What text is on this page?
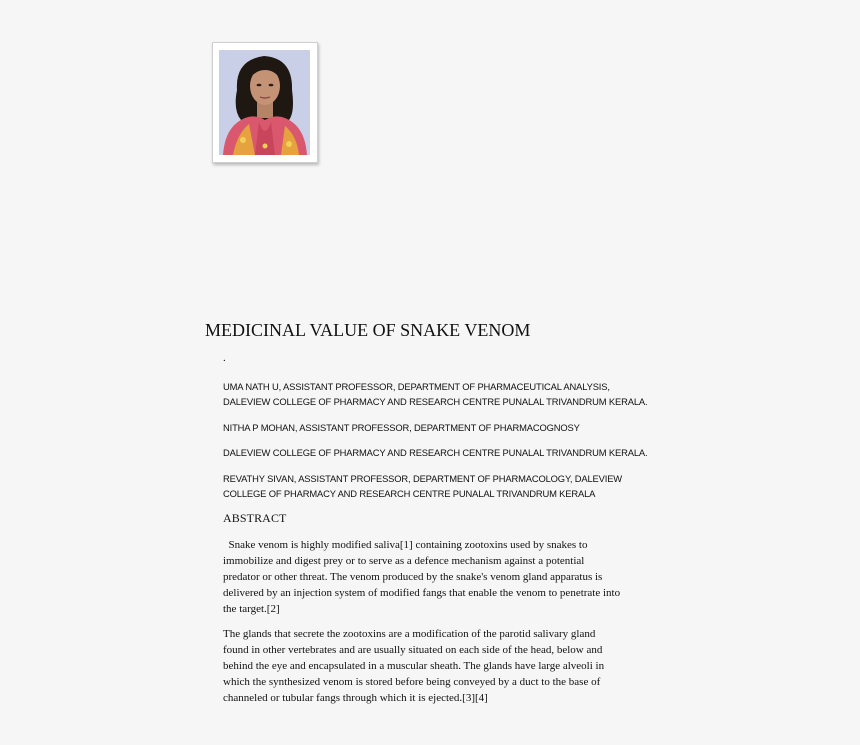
MEDICINAL VALUE OF SNAKE VENOM
.
UMA NATH U, ASSISTANT PROFESSOR, DEPARTMENT OF PHARMACEUTICAL ANALYSIS,
DALEVIEW COLLEGE OF PHARMACY AND RESEARCH CENTRE PUNALAL TRIVANDRUM KERALA.
NITHA P MOHAN, ASSISTANT PROFESSOR, DEPARTMENT OF PHARMACOGNOSY
DALEVIEW COLLEGE OF PHARMACY AND RESEARCH CENTRE PUNALAL TRIVANDRUM KERALA.
REVATHY SIVAN, ASSISTANT PROFESSOR, DEPARTMENT OF PHARMACOLOGY, DALEVIEW
COLLEGE OF PHARMACY AND RESEARCH CENTRE PUNALAL TRIVANDRUM KERALA
ABSTRACT
Snake venom is highly modified saliva[1] containing zootoxins used by snakes to
immobilize and digest prey or to serve as a defence mechanism against a potential
predator or other threat. The venom produced by the snake's venom gland apparatus is
delivered by an injection system of modified fangs that enable the venom to penetrate into
the target.[2]
The glands that secrete the zootoxins are a modification of the parotid salivary gland
found in other vertebrates and are usually situated on each side of the head, below and
behind the eye and encapsulated in a muscular sheath. The glands have large alveoli in
which the synthesized venom is stored before being conveyed by a duct to the base of
channeled or tubular fangs through which it is ejected.[3][4]
